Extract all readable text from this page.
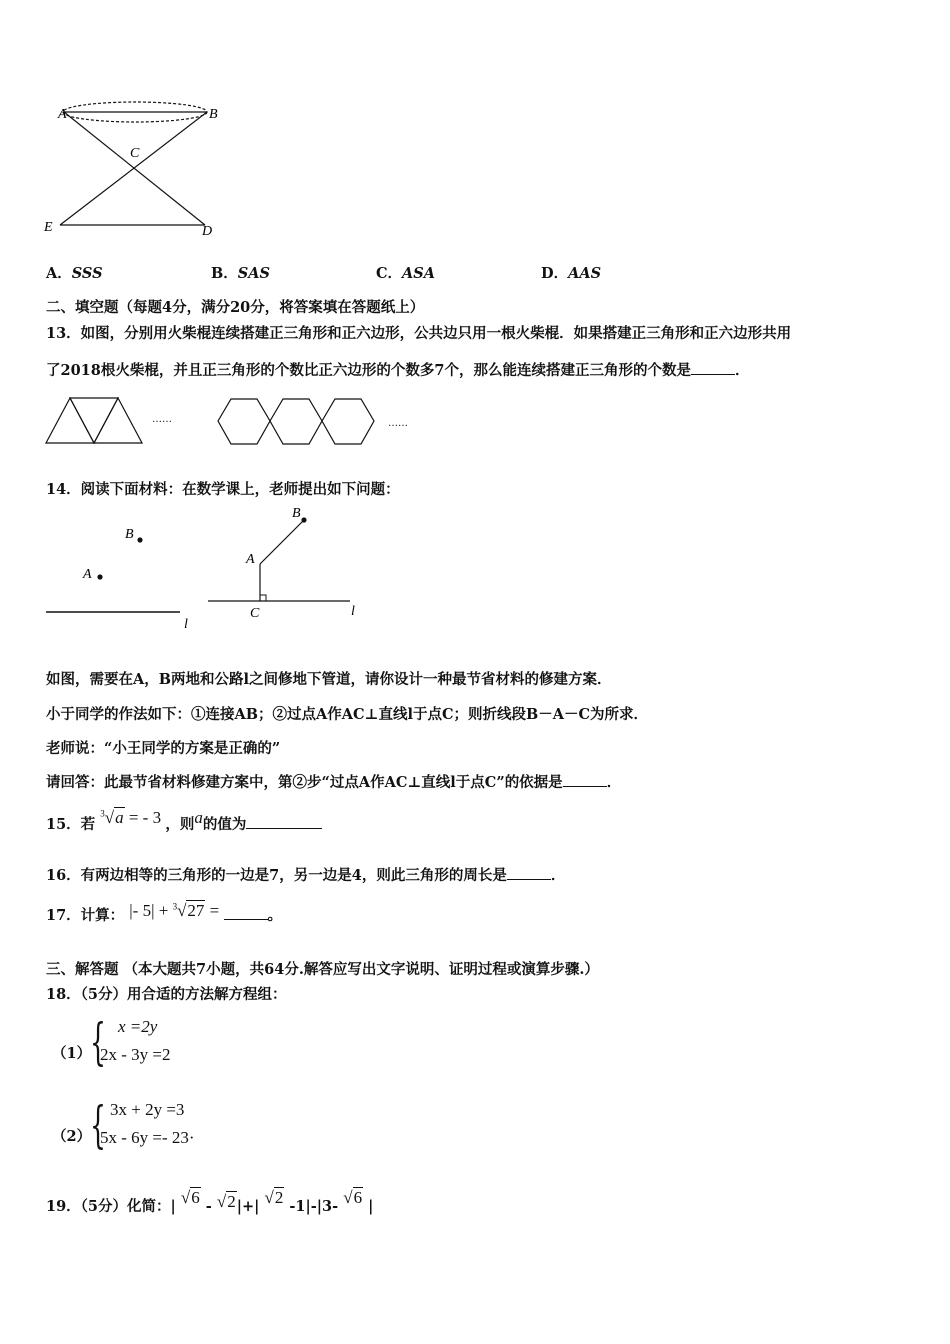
A	B
C
E	D
A．SSS	B．SAS	C．ASA	D．AAS
二、填空题（每题4分，满分20分，将答案填在答题纸上）
13．如图，分别用火柴棍连续搭建正三角形和正六边形，公共边只用一根火柴棍．如果搭建正三角形和正六边形共用
了2018根火柴棍，并且正三角形的个数比正六边形的个数多7个，那么能连续搭建正三角形的个数是	．
……	……
14．阅读下面材料：在数学课上，老师提出如下问题：
B
A
l
B
A
C	l
如图，需要在A，B两地和公路l之间修地下管道，请你设计一种最节省材料的修建方案．
小于同学的作法如下：①连接AB；②过点A作AC⊥直线l于点C；则折线段B－A－C为所求．
老师说：“小王同学的方案是正确的”
请回答：此最节省材料修建方案中，第②步“过点A作AC⊥直线l于点C”的依据是	．
15．若 $^3$√a = - 3 ，则a的值为
16．有两边相等的三角形的一边是7，另一边是4，则此三角形的周长是	．
17．计算： |- 5| + $^3$√27 =	。
三、解答题 （本大题共7小题，共64分.解答应写出文字说明、证明过程或演算步骤.）
18．（5分）用合适的方法解方程组：
（1）
{ x =2y
2x - 3y =2
（2）
{ 3x + 2y =3
5x - 6y =- 23·
19．（5分）化简：| √6 - √2|+| √2 -1|-|3- √6 |
